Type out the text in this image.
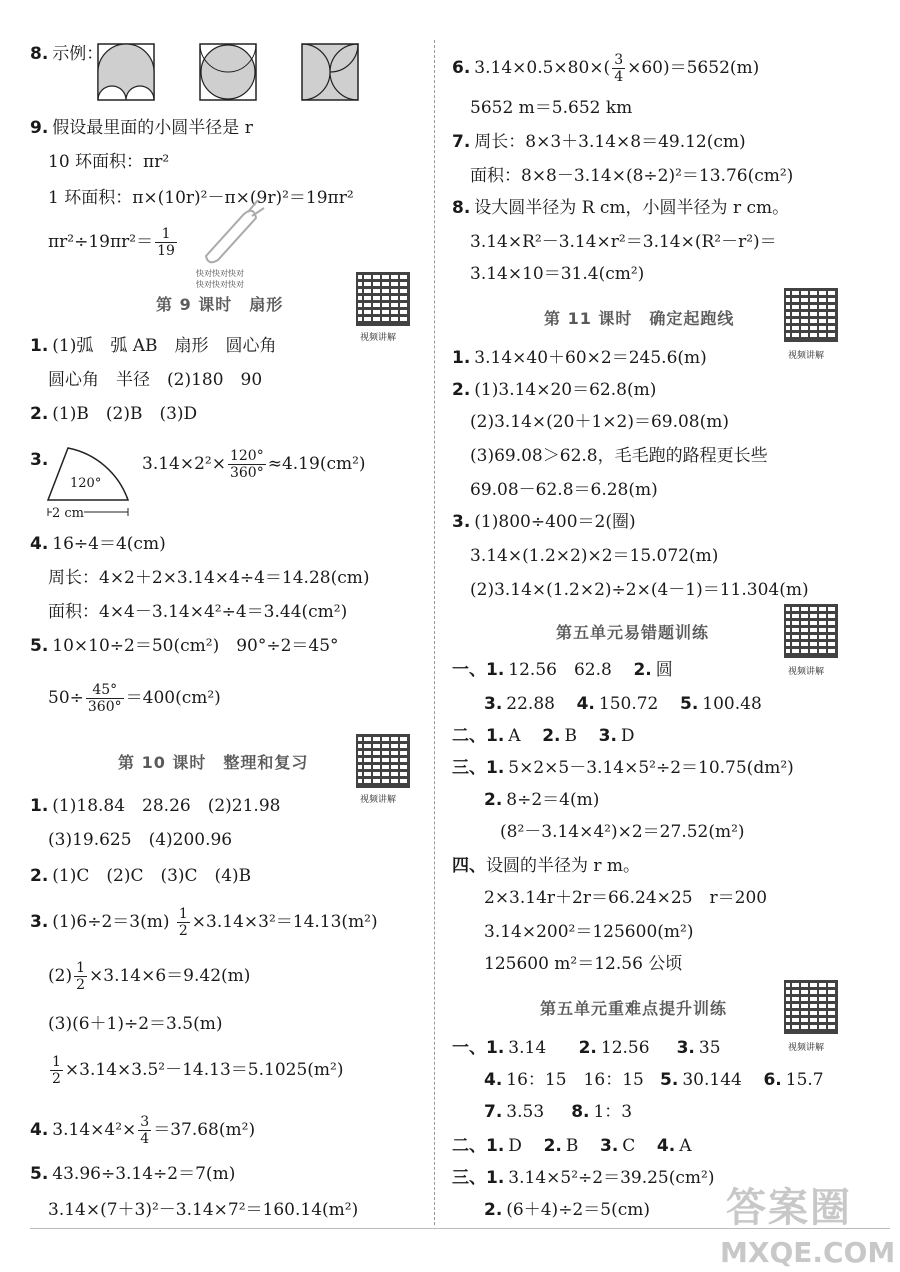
8. 示例：
9. 假设最里面的小圆半径是 r
10 环面积：πr²
1 环面积：π×(10r)²－π×(9r)²＝19πr²
$\pi r^2\div 19\pi r^2= \frac{1}{19}$
快对快对快对
快对快对快对
第 9 课时　扇形
视频讲解
1. (1)弧　弧 AB　扇形　圆心角
圆心角　半径　(2)180　90
2. (1)B　(2)B　(3)D
3.
120°
2 cm
$3.14\times 2^2\times \frac{120^\circ}{360^\circ} \approx 4.19(cm^2)$
4. 16÷4＝4(cm)
周长：4×2＋2×3.14×4÷4＝14.28(cm)
面积：4×4－3.14×4²÷4＝3.44(cm²)
5. 10×10÷2＝50(cm²)　90°÷2＝45°
$50\div \frac{45^\circ}{360^\circ} =400(cm^2)$
第 10 课时　整理和复习
视频讲解
1. (1)18.84　28.26　(2)21.98
(3)19.625　(4)200.96
2. (1)C　(2)C　(3)C　(4)B
3. $(1)6\div 2=3(m) \frac{1}{2} \times 3.14\times 3^2=14.13(m^2)$
$(2) \frac{1}{2} \times 3.14\times 6=9.42(m)$
(3)(6＋1)÷2＝3.5(m)
$\frac{1}{2} \times 3.14\times 3.5^2-14.13=5.1025(m^2)$
4. $3.14\times 4^2\times \frac{3}{4} =37.68(m^2)$
5. 43.96÷3.14÷2＝7(m)
3.14×(7＋3)²－3.14×7²＝160.14(m²)
6. $3.14\times 0.5\times 80\times( \frac{3}{4} \times 60)=5652(m)$
5652 m＝5.652 km
7. 周长：8×3＋3.14×8＝49.12(cm)
面积：8×8－3.14×(8÷2)²＝13.76(cm²)
8. 设大圆半径为 R cm，小圆半径为 r cm。
3.14×R²－3.14×r²＝3.14×(R²－r²)＝
3.14×10＝31.4(cm²)
第 11 课时　确定起跑线
视频讲解
1. 3.14×40＋60×2＝245.6(m)
2. (1)3.14×20＝62.8(m)
(2)3.14×(20＋1×2)＝69.08(m)
(3)69.08＞62.8，毛毛跑的路程更长些
69.08－62.8＝6.28(m)
3. (1)800÷400＝2(圈)
3.14×(1.2×2)×2＝15.072(m)
(2)3.14×(1.2×2)÷2×(4－1)＝11.304(m)
第五单元易错题训练
视频讲解
一、1. 12.56　62.8 2. 圆
3. 22.88 4. 150.72 5. 100.48
二、1. A 2. B 3. D
三、1. 5×2×5－3.14×5²÷2＝10.75(dm²)
2. 8÷2＝4(m)
(8²－3.14×4²)×2＝27.52(m²)
四、设圆的半径为 r m。
2×3.14r＋2r＝66.24×25　r＝200
3.14×200²＝125600(m²)
125600 m²＝12.56 公顷
第五单元重难点提升训练
视频讲解
一、1. 3.14 2. 12.56 3. 35
4. 16：15　16：15 5. 30.144 6. 15.7
7. 3.53 8. 1：3
二、1. D 2. B 3. C 4. A
三、1. 3.14×5²÷2＝39.25(cm²)
2. (6＋4)÷2＝5(cm) 答案圈
MXQE.COM
